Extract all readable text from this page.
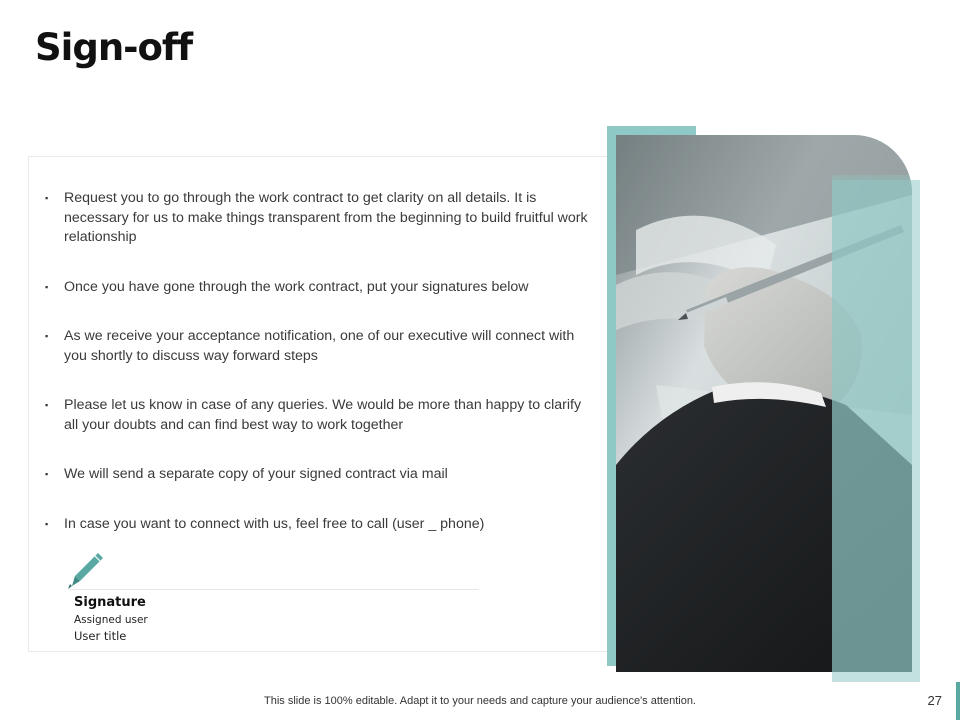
Sign-off
▪ Request you to go through the work contract to get clarity on all details. It is necessary for us to make things transparent from the beginning to build fruitful work relationship
▪ Once you have gone through the work contract, put your signatures below
▪ As we receive your acceptance notification, one of our executive will connect with you shortly to discuss way forward steps
▪ Please let us know in case of any queries. We would be more than happy to clarify all your doubts and can find best way to work together
▪ We will send a separate copy of your signed contract via mail
▪ In case you want to connect with us, feel free to call (user _ phone)
Signature
Assigned user
User title
This slide is 100% editable. Adapt it to your needs and capture your audience's attention.	27
